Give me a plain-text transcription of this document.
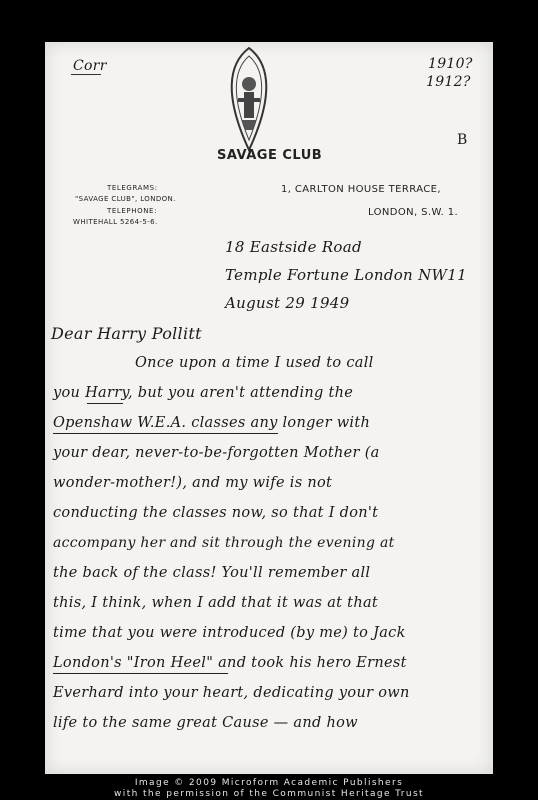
Corr	1910?
1912?
B
SAVAGE CLUB
TELEGRAMS:
"SAVAGE CLUB", LONDON.
TELEPHONE:
WHITEHALL 5264-5-6.
1, CARLTON HOUSE TERRACE,
LONDON, S.W. 1.
18 Eastside Road
Temple Fortune London NW11
August 29 1949
Dear Harry Pollitt
Once upon a time I used to call
you Harry, but you aren't attending the
Openshaw W.E.A. classes any longer with
your dear, never-to-be-forgotten Mother (a
wonder-mother!), and my wife is not
conducting the classes now, so that I don't
accompany her and sit through the evening at
the back of the class! You'll remember all
this, I think, when I add that it was at that
time that you were introduced (by me) to Jack
London's "Iron Heel" and took his hero Ernest
Everhard into your heart, dedicating your own
life to the same great Cause — and how
Image © 2009 Microform Academic Publishers
with the permission of the Communist Heritage Trust
